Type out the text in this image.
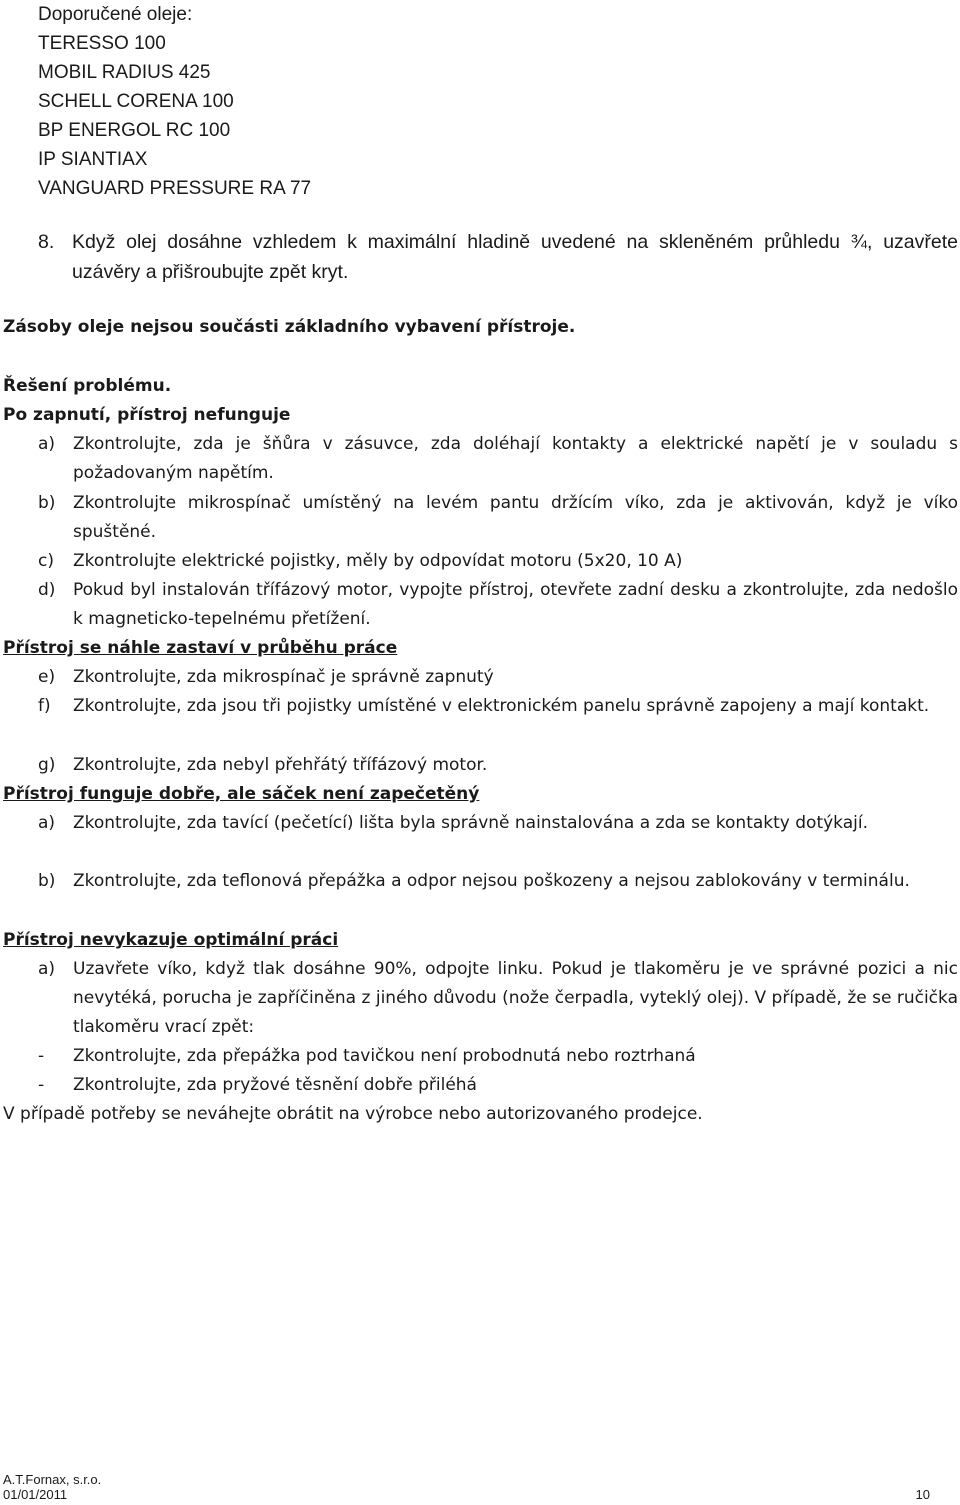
Doporučené oleje:
TERESSO 100
MOBIL RADIUS 425
SCHELL CORENA 100
BP ENERGOL RC 100
IP SIANTIAX
VANGUARD PRESSURE RA 77
8. Když olej dosáhne vzhledem k maximální hladině uvedené na skleněném průhledu ¾, uzavřete uzávěry a přišroubujte zpět kryt.
Zásoby oleje nejsou součásti základního vybavení přístroje.
Řešení problému.
Po zapnutí, přístroj nefunguje
a) Zkontrolujte, zda je šňůra v zásuvce, zda doléhají kontakty a elektrické napětí je v souladu s požadovaným napětím.
b) Zkontrolujte mikrospínač umístěný na levém pantu držícím víko, zda je aktivován, když je víko spuštěné.
c) Zkontrolujte elektrické pojistky, měly by odpovídat motoru (5x20, 10 A)
d) Pokud byl instalován třífázový motor, vypojte přístroj, otevřete zadní desku a zkontrolujte, zda nedošlo k magneticko-tepelnému přetížení.
Přístroj se náhle zastaví v průběhu práce
e) Zkontrolujte, zda mikrospínač je správně zapnutý
f) Zkontrolujte, zda jsou tři pojistky umístěné v elektronickém panelu správně zapojeny a mají kontakt.
g) Zkontrolujte, zda nebyl přehřátý třífázový motor.
Přístroj funguje dobře, ale sáček není zapečetěný
a) Zkontrolujte, zda tavící (pečetící) lišta byla správně nainstalována a zda se kontakty dotýkají.
b) Zkontrolujte, zda teflonová přepážka a odpor nejsou poškozeny a nejsou zablokovány v terminálu.
Přístroj nevykazuje optimální práci
a) Uzavřete víko, když tlak dosáhne 90%, odpojte linku. Pokud je tlakoměru je ve správné pozici a nic nevytéká, porucha je zapříčiněna z jiného důvodu (nože čerpadla, vyteklý olej). V případě, že se ručička tlakoměru vrací zpět:
- Zkontrolujte, zda přepážka pod tavičkou není probodnutá nebo roztrhaná
- Zkontrolujte, zda pryžové těsnění dobře přiléhá
V případě potřeby se neváhejte obrátit na výrobce nebo autorizovaného prodejce.
A.T.Fornax, s.r.o.
01/01/2011	10
